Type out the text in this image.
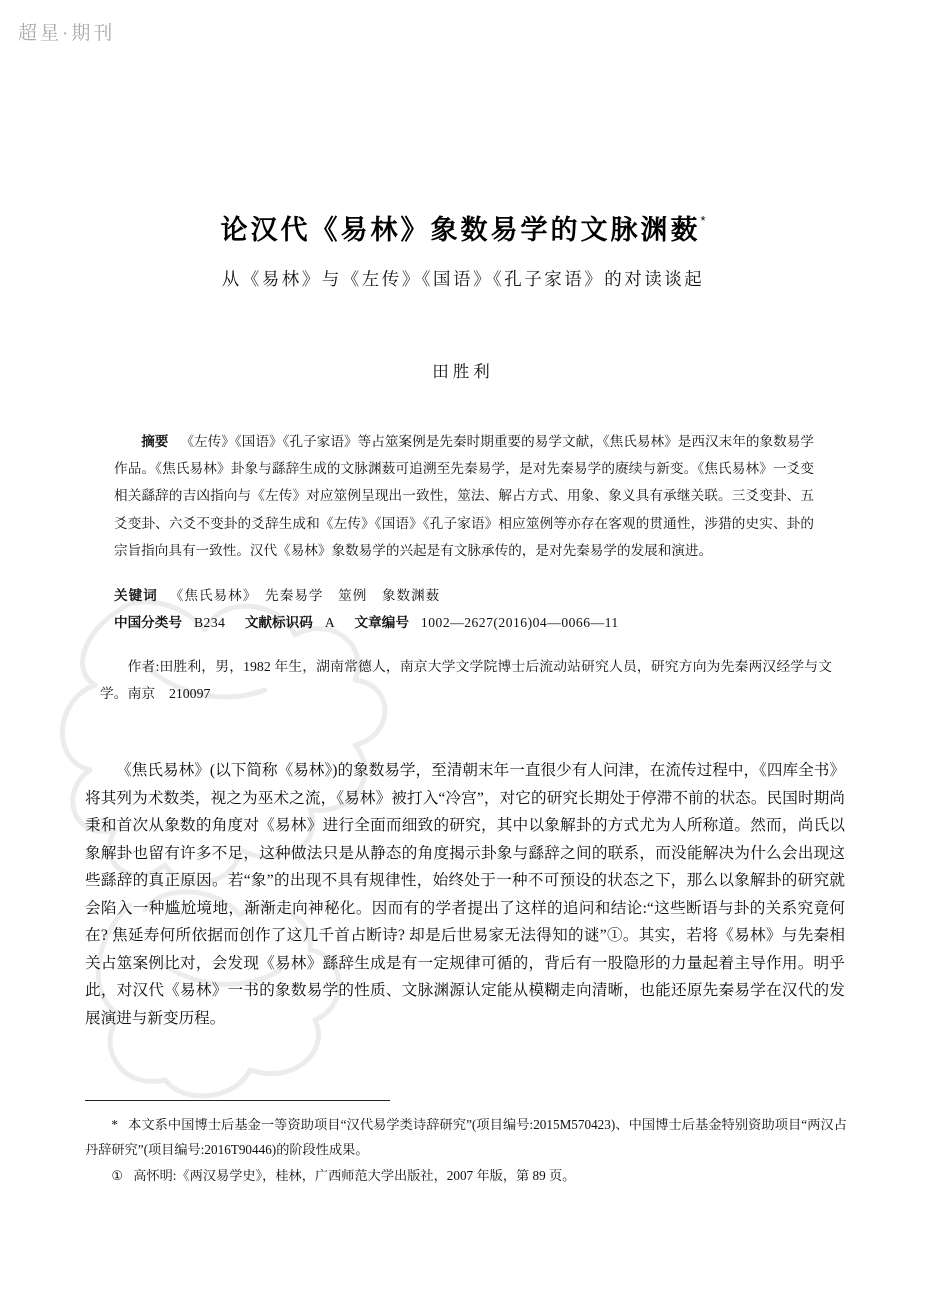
超星·期刊
论汉代《易林》象数易学的文脉渊薮*
从《易林》与《左传》《国语》《孔子家语》的对读谈起
田胜利
摘要 《左传》《国语》《孔子家语》等占筮案例是先秦时期重要的易学文献，《焦氏易林》是西汉末年的象数易学作品。《焦氏易林》卦象与繇辞生成的文脉渊薮可追溯至先秦易学，是对先秦易学的赓续与新变。《焦氏易林》一爻变相关繇辞的吉凶指向与《左传》对应筮例呈现出一致性，筮法、解占方式、用象、象义具有承继关联。三爻变卦、五爻变卦、六爻不变卦的爻辞生成和《左传》《国语》《孔子家语》相应筮例等亦存在客观的贯通性，涉猎的史实、卦的宗旨指向具有一致性。汉代《易林》象数易学的兴起是有文脉承传的，是对先秦易学的发展和演进。
关键词 《焦氏易林》　先秦易学　筮例　象数渊薮
中国分类号 B234 文献标识码 A 文章编号 1002—2627(2016)04—0066—11
作者:田胜利，男，1982 年生，湖南常德人，南京大学文学院博士后流动站研究人员，研究方向为先秦两汉经学与文学。南京　210097
《焦氏易林》(以下简称《易林》)的象数易学，至清朝末年一直很少有人问津，在流传过程中，《四库全书》将其列为术数类，视之为巫术之流，《易林》被打入“冷宫”，对它的研究长期处于停滞不前的状态。民国时期尚秉和首次从象数的角度对《易林》进行全面而细致的研究，其中以象解卦的方式尤为人所称道。然而，尚氏以象解卦也留有许多不足，这种做法只是从静态的角度揭示卦象与繇辞之间的联系，而没能解决为什么会出现这些繇辞的真正原因。若“象”的出现不具有规律性，始终处于一种不可预设的状态之下，那么以象解卦的研究就会陷入一种尴尬境地，渐渐走向神秘化。因而有的学者提出了这样的追问和结论:“这些断语与卦的关系究竟何在? 焦延寿何所依据而创作了这几千首占断诗? 却是后世易家无法得知的谜”①。其实，若将《易林》与先秦相关占筮案例比对，会发现《易林》繇辞生成是有一定规律可循的，背后有一股隐形的力量起着主导作用。明乎此，对汉代《易林》一书的象数易学的性质、文脉渊源认定能从模糊走向清晰，也能还原先秦易学在汉代的发展演进与新变历程。

* 本文系中国博士后基金一等资助项目“汉代易学类诗辞研究”(项目编号:2015M570423)、中国博士后基金特别资助项目“两汉占丹辞研究”(项目编号:2016T90446)的阶段性成果。

① 高怀明:《两汉易学史》，桂林，广西师范大学出版社，2007 年版，第 89 页。
